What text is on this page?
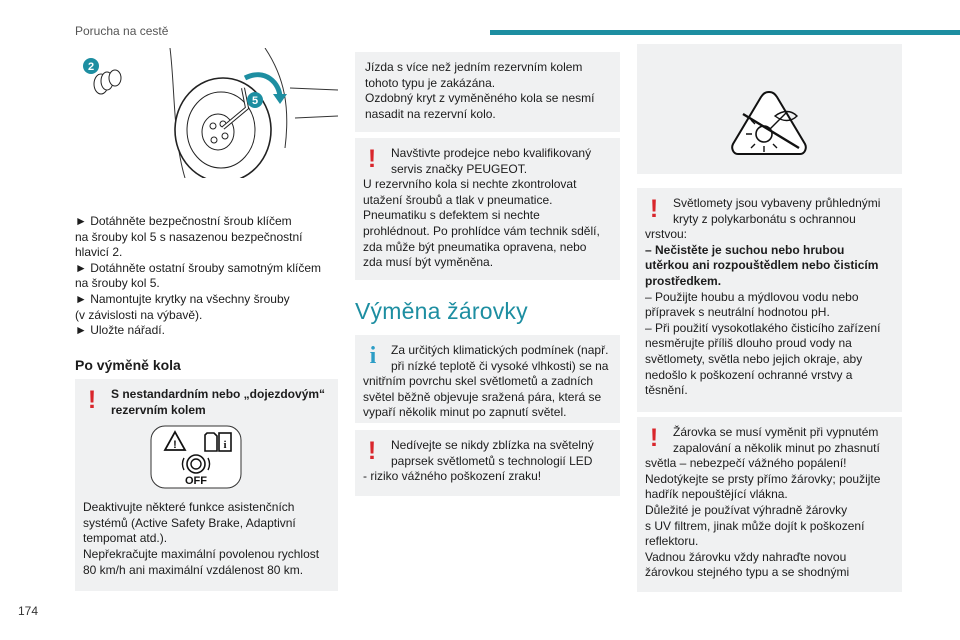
Porucha na cestě
2
5

► Dotáhněte bezpečnostní šroub klíčem
na šrouby kol 5 s nasazenou bezpečnostní
hlavicí 2.

► Dotáhněte ostatní šrouby samotným klíčem
na šrouby kol 5.

► Namontujte krytky na všechny šrouby
(v závislosti na výbavě).

► Uložte nářadí.

Po výměně kola
! S nestandardním nebo „dojezdovým“
rezervním kolem
!	i
OFF

Deaktivujte některé funkce asistenčních
systémů (Active Safety Brake, Adaptivní
tempomat atd.).
Nepřekračujte maximální povolenou rychlost
80 km/h ani maximální vzdálenost 80 km.

Jízda s více než jedním rezervním kolem
tohoto typu je zakázána.
Ozdobný kryt z vyměněného kola se nesmí
nasadit na rezervní kolo.

! Navštivte prodejce nebo kvalifikovaný
servis značky PEUGEOT.

U rezervního kola si nechte zkontrolovat
utažení šroubů a tlak v pneumatice.
Pneumatiku s defektem si nechte
prohlédnout. Po prohlídce vám technik sdělí,
zda může být pneumatika opravena, nebo
zda musí být vyměněna.

Výměna žárovky
i Za určitých klimatických podmínek (např.
při nízké teplotě či vysoké vlhkosti) se na

vnitřním povrchu skel světlometů a zadních
světel běžně objevuje sražená pára, která se
vypaří několik minut po zapnutí světel.

! Nedívejte se nikdy zblízka na světelný
paprsek světlometů s technologií LED

- riziko vážného poškození zraku!

! Světlomety jsou vybaveny průhlednými
kryty z polykarbonátu s ochrannou

vrstvou:

– Nečistěte je suchou nebo hrubou
utěrkou ani rozpouštědlem nebo čisticím
prostředkem.

– Použijte houbu a mýdlovou vodu nebo
přípravek s neutrální hodnotou pH.
– Při použití vysokotlakého čisticího zařízení
nesměrujte příliš dlouho proud vody na
světlomety, světla nebo jejich okraje, aby
nedošlo k poškození ochranné vrstvy a
těsnění.

! Žárovka se musí vyměnit při vypnutém
zapalování a několik minut po zhasnutí

světla – nebezpečí vážného popálení!
Nedotýkejte se prsty přímo žárovky; použijte
hadřík nepouštějící vlákna.
Důležité je používat výhradně žárovky
s UV filtrem, jinak může dojít k poškození
reflektoru.
Vadnou žárovku vždy nahraďte novou
žárovkou stejného typu a se shodnými

174
